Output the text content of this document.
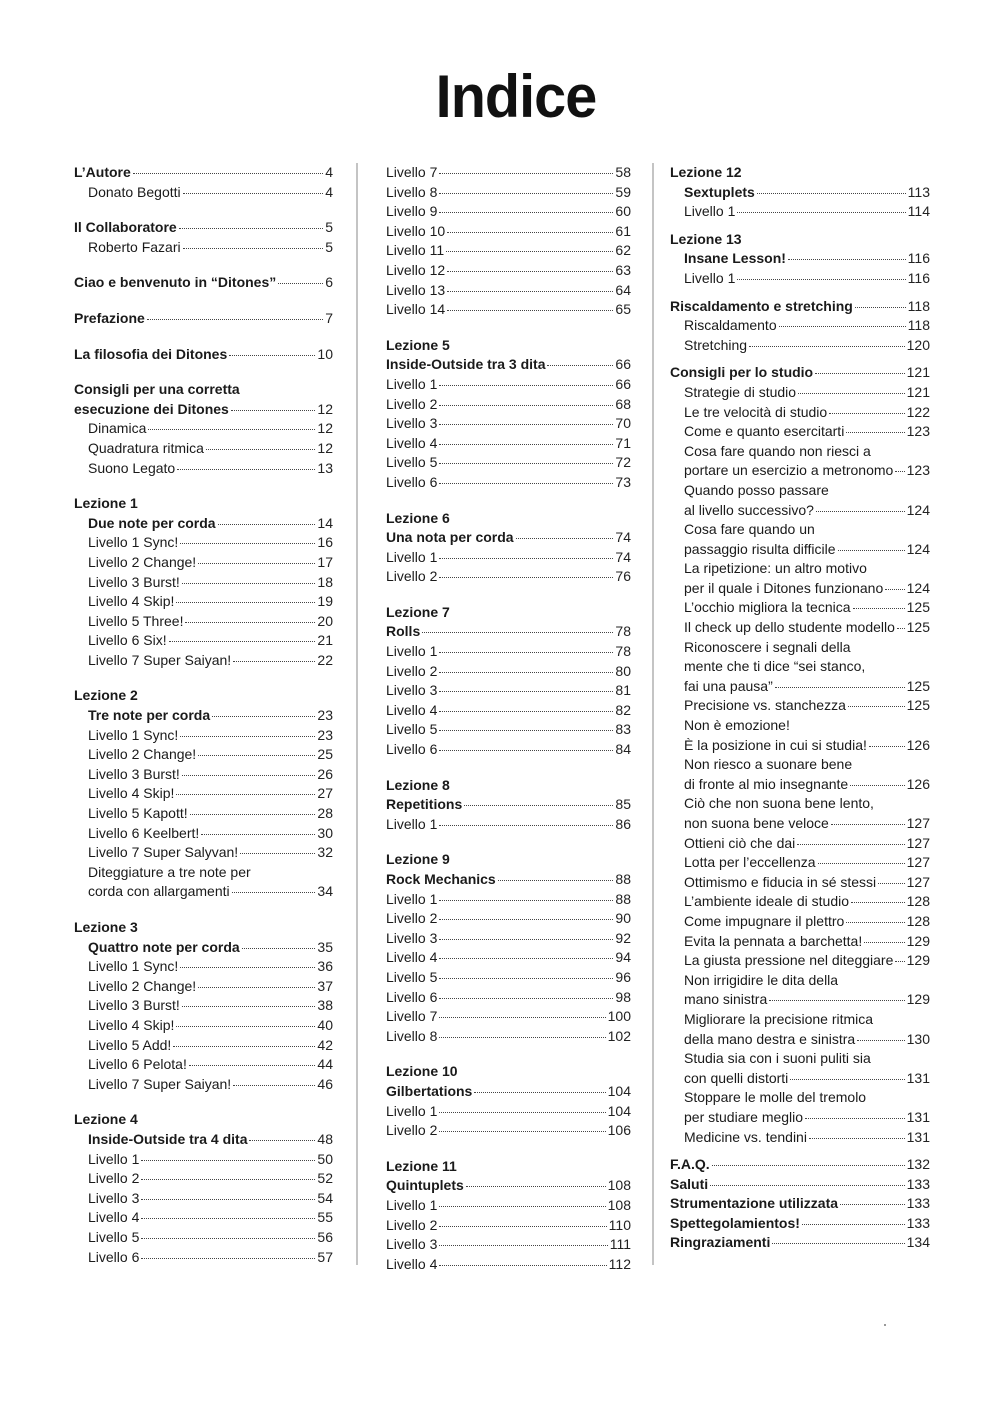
Indice
L’Autore	4
Donato Begotti	4
Il Collaboratore	5
Roberto Fazari	5
Ciao e benvenuto in “Ditones”	6
Prefazione	7
La filosofia dei Ditones	10
Consigli per una corretta
esecuzione dei Ditones	12
Dinamica	12
Quadratura ritmica	12
Suono Legato	13
Lezione 1
Due note per corda	14
Livello 1 Sync!	16
Livello 2 Change!	17
Livello 3 Burst!	18
Livello 4 Skip!	19
Livello 5 Three!	20
Livello 6 Six!	21
Livello 7 Super Saiyan!	22
Lezione 2
Tre note per corda	23
Livello 1 Sync!	23
Livello 2 Change!	25
Livello 3 Burst!	26
Livello 4 Skip!	27
Livello 5 Kapott!	28
Livello 6 Keelbert!	30
Livello 7 Super Salyvan!	32
Diteggiature a tre note per
corda con allargamenti	34
Lezione 3
Quattro note per corda	35
Livello 1 Sync!	36
Livello 2 Change!	37
Livello 3 Burst!	38
Livello 4 Skip!	40
Livello 5 Add!	42
Livello 6 Pelota!	44
Livello 7 Super Saiyan!	46
Lezione 4
Inside-Outside tra 4 dita	48
Livello 1	50
Livello 2	52
Livello 3	54
Livello 4	55
Livello 5	56
Livello 6	57
Livello 7	58
Livello 8	59
Livello 9	60
Livello 10	61
Livello 11	62
Livello 12	63
Livello 13	64
Livello 14	65
Lezione 5
Inside-Outside tra 3 dita	66
Livello 1	66
Livello 2	68
Livello 3	70
Livello 4	71
Livello 5	72
Livello 6	73
Lezione 6
Una nota per corda	74
Livello 1	74
Livello 2	76
Lezione 7
Rolls	78
Livello 1	78
Livello 2	80
Livello 3	81
Livello 4	82
Livello 5	83
Livello 6	84
Lezione 8
Repetitions	85
Livello 1	86
Lezione 9
Rock Mechanics	88
Livello 1	88
Livello 2	90
Livello 3	92
Livello 4	94
Livello 5	96
Livello 6	98
Livello 7	100
Livello 8	102
Lezione 10
Gilbertations	104
Livello 1	104
Livello 2	106
Lezione 11
Quintuplets	108
Livello 1	108
Livello 2	110
Livello 3	111
Livello 4	112
Lezione 12
Sextuplets	113
Livello 1	114
Lezione 13
Insane Lesson!	116
Livello 1	116
Riscaldamento e stretching	118
Riscaldamento	118
Stretching	120
Consigli per lo studio	121
Strategie di studio	121
Le tre velocità di studio	122
Come e quanto esercitarti	123
Cosa fare quando non riesci a
portare un esercizio a metronomo 123
Quando posso passare
al livello successivo?	124
Cosa fare quando un
passaggio risulta difficile	124
La ripetizione: un altro motivo
per il quale i Ditones funzionano 124
L’occhio migliora la tecnica	125
Il check up dello studente modello 125
Riconoscere i segnali della
mente che ti dice “sei stanco,
fai una pausa”	125
Precisione vs. stanchezza	125
Non è emozione!
È la posizione in cui si studia!	126
Non riesco a suonare bene
di fronte al mio insegnante	126
Ciò che non suona bene lento,
non suona bene veloce	127
Ottieni ciò che dai	127
Lotta per l’eccellenza	127
Ottimismo e fiducia in sé stessi 127
L’ambiente ideale di studio	128
Come impugnare il plettro	128
Evita la pennata a barchetta!	129
La giusta pressione nel diteggiare 129
Non irrigidire le dita della
mano sinistra	129
Migliorare la precisione ritmica
della mano destra e sinistra	130
Studia sia con i suoni puliti sia
con quelli distorti	131
Stoppare le molle del tremolo
per studiare meglio	131
Medicine vs. tendini	131
F.A.Q.	132
Saluti	133
Strumentazione utilizzata	133
Spettegolamientos!	133
Ringraziamenti	134
